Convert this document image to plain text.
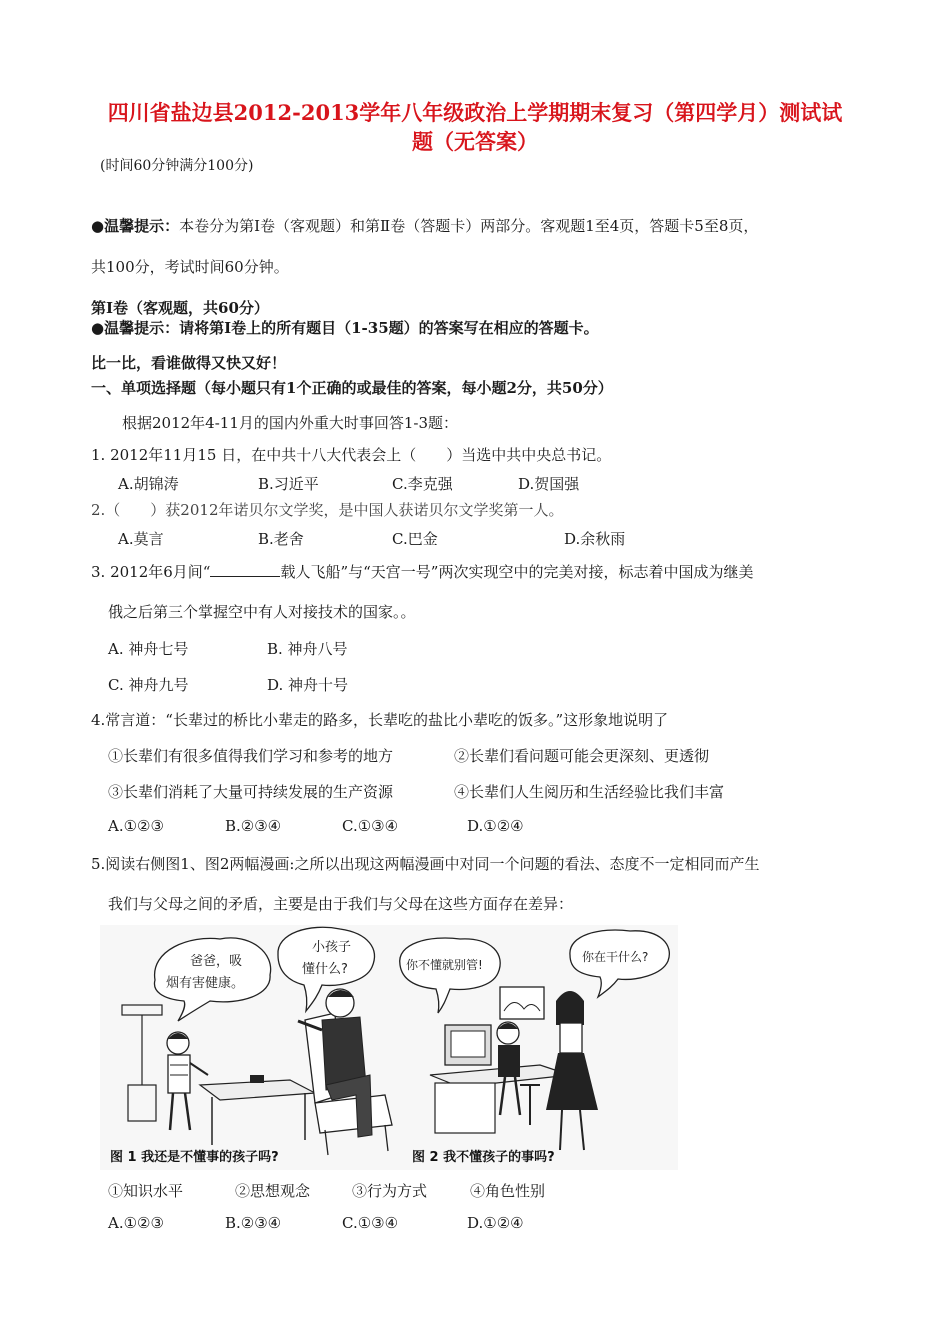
四川省盐边县2012-2013学年八年级政治上学期期末复习（第四学月）测试试
题（无答案）
(时间60分钟满分100分)
●温馨提示：本卷分为第Ⅰ卷（客观题）和第Ⅱ卷（答题卡）两部分。客观题1至4页，答题卡5至8页，
共100分，考试时间60分钟。
第Ⅰ卷（客观题，共60分）
●温馨提示：请将第Ⅰ卷上的所有题目（1-35题）的答案写在相应的答题卡。
比一比，看谁做得又快又好！
一、单项选择题（每小题只有1个正确的或最佳的答案，每小题2分，共50分）
根据2012年4-11月的国内外重大时事回答1-3题：
1. 2012年11月15 日，在中共十八大代表会上（　　）当选中共中央总书记。
A.胡锦涛	B.习近平	C.李克强	D.贺国强
2.（　　）获2012年诺贝尔文学奖，是中国人获诺贝尔文学奖第一人。
A.莫言	B.老舍	C.巴金	D.余秋雨
3. 2012年6月间“	载人飞船”与“天宫一号”两次实现空中的完美对接，标志着中国成为继美
俄之后第三个掌握空中有人对接技术的国家。。
A. 神舟七号	B. 神舟八号
C. 神舟九号	D. 神舟十号
4.常言道：“长辈过的桥比小辈走的路多，长辈吃的盐比小辈吃的饭多。”这形象地说明了
①长辈们有很多值得我们学习和参考的地方	②长辈们看问题可能会更深刻、更透彻
③长辈们消耗了大量可持续发展的生产资源	④长辈们人生阅历和生活经验比我们丰富
A.①②③	B.②③④	C.①③④	D.①②④
5.阅读右侧图1、图2两幅漫画:之所以出现这两幅漫画中对同一个问题的看法、态度不一定相同而产生
我们与父母之间的矛盾，主要是由于我们与父母在这些方面存在差异：
爸爸，吸
烟有害健康。
小孩子
懂什么?	你不懂就别管!
你在干什么?
图 1 我还是不懂事的孩子吗?	图 2 我不懂孩子的事吗?
①知识水平	②思想观念	③行为方式	④角色性别
A.①②③	B.②③④	C.①③④	D.①②④
